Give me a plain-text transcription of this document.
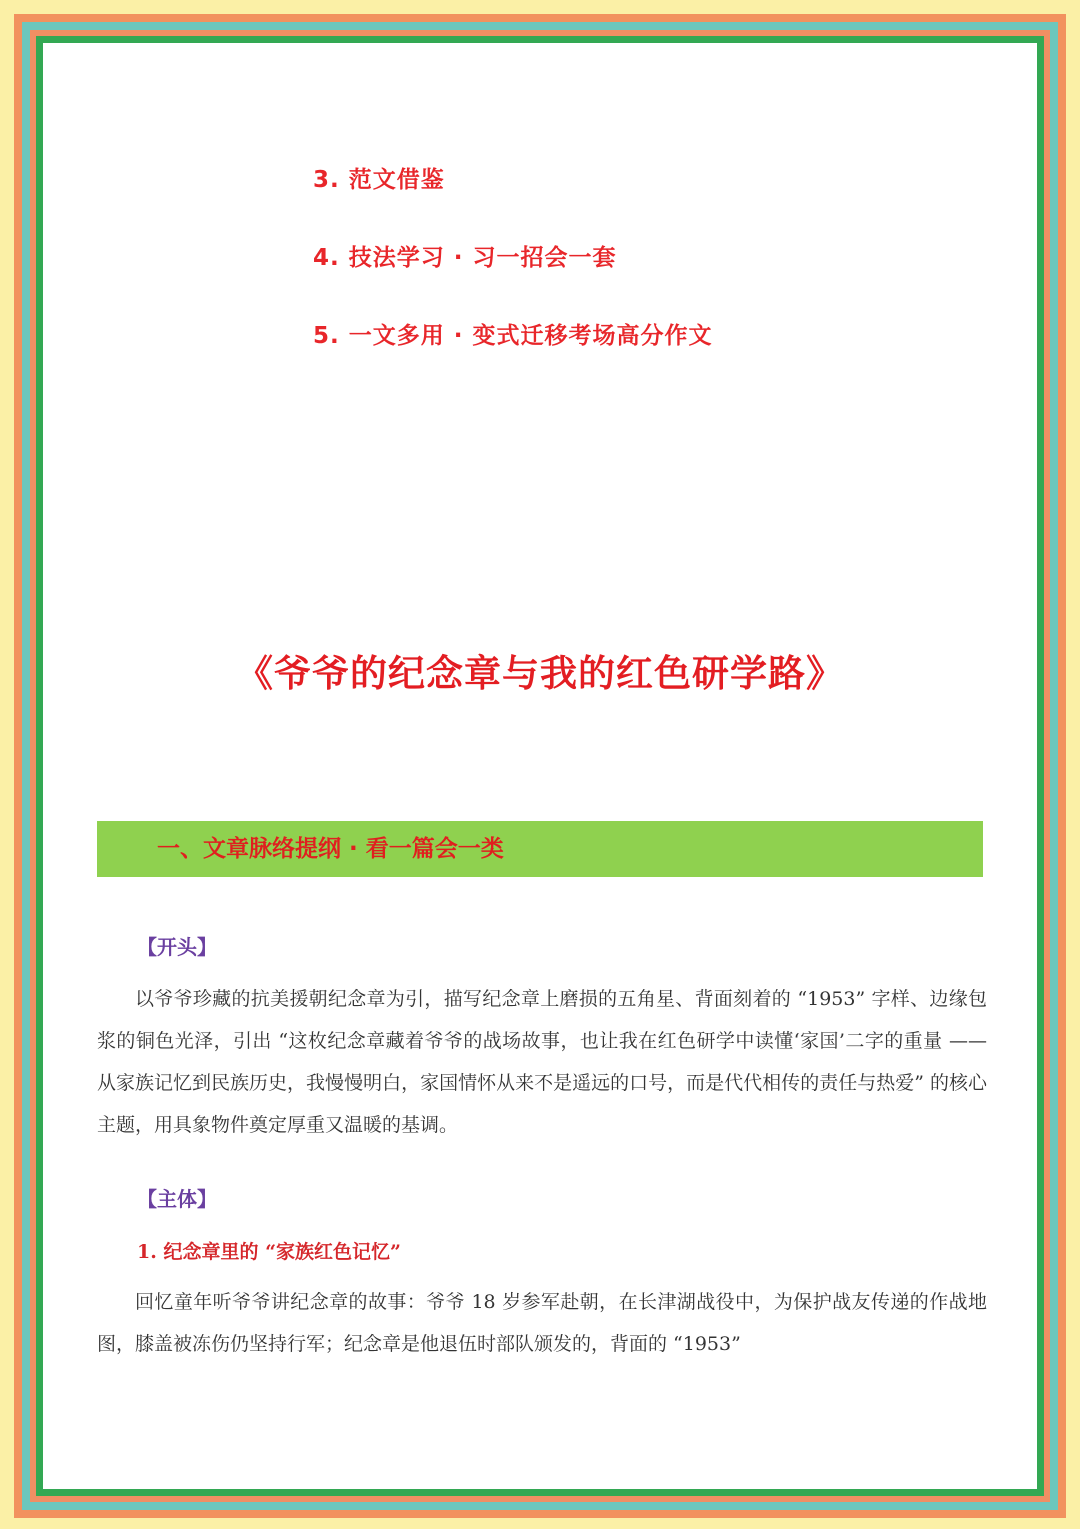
3. 范文借鉴
4. 技法学习 · 习一招会一套
5. 一文多用 · 变式迁移考场高分作文
《爷爷的纪念章与我的红色研学路》
一、文章脉络提纲 · 看一篇会一类
【开头】

以爷爷珍藏的抗美援朝纪念章为引，描写纪念章上磨损的五角星、背面刻着的 “1953” 字样、边缘包浆的铜色光泽，引出 “这枚纪念章藏着爷爷的战场故事，也让我在红色研学中读懂‘家国’二字的重量 —— 从家族记忆到民族历史，我慢慢明白，家国情怀从来不是遥远的口号，而是代代相传的责任与热爱” 的核心主题，用具象物件奠定厚重又温暖的基调。

【主体】
1. 纪念章里的 “家族红色记忆”

回忆童年听爷爷讲纪念章的故事：爷爷 18 岁参军赴朝，在长津湖战役中，为保护战友传递的作战地图，膝盖被冻伤仍坚持行军；纪念章是他退伍时部队颁发的，背面的 “1953”
